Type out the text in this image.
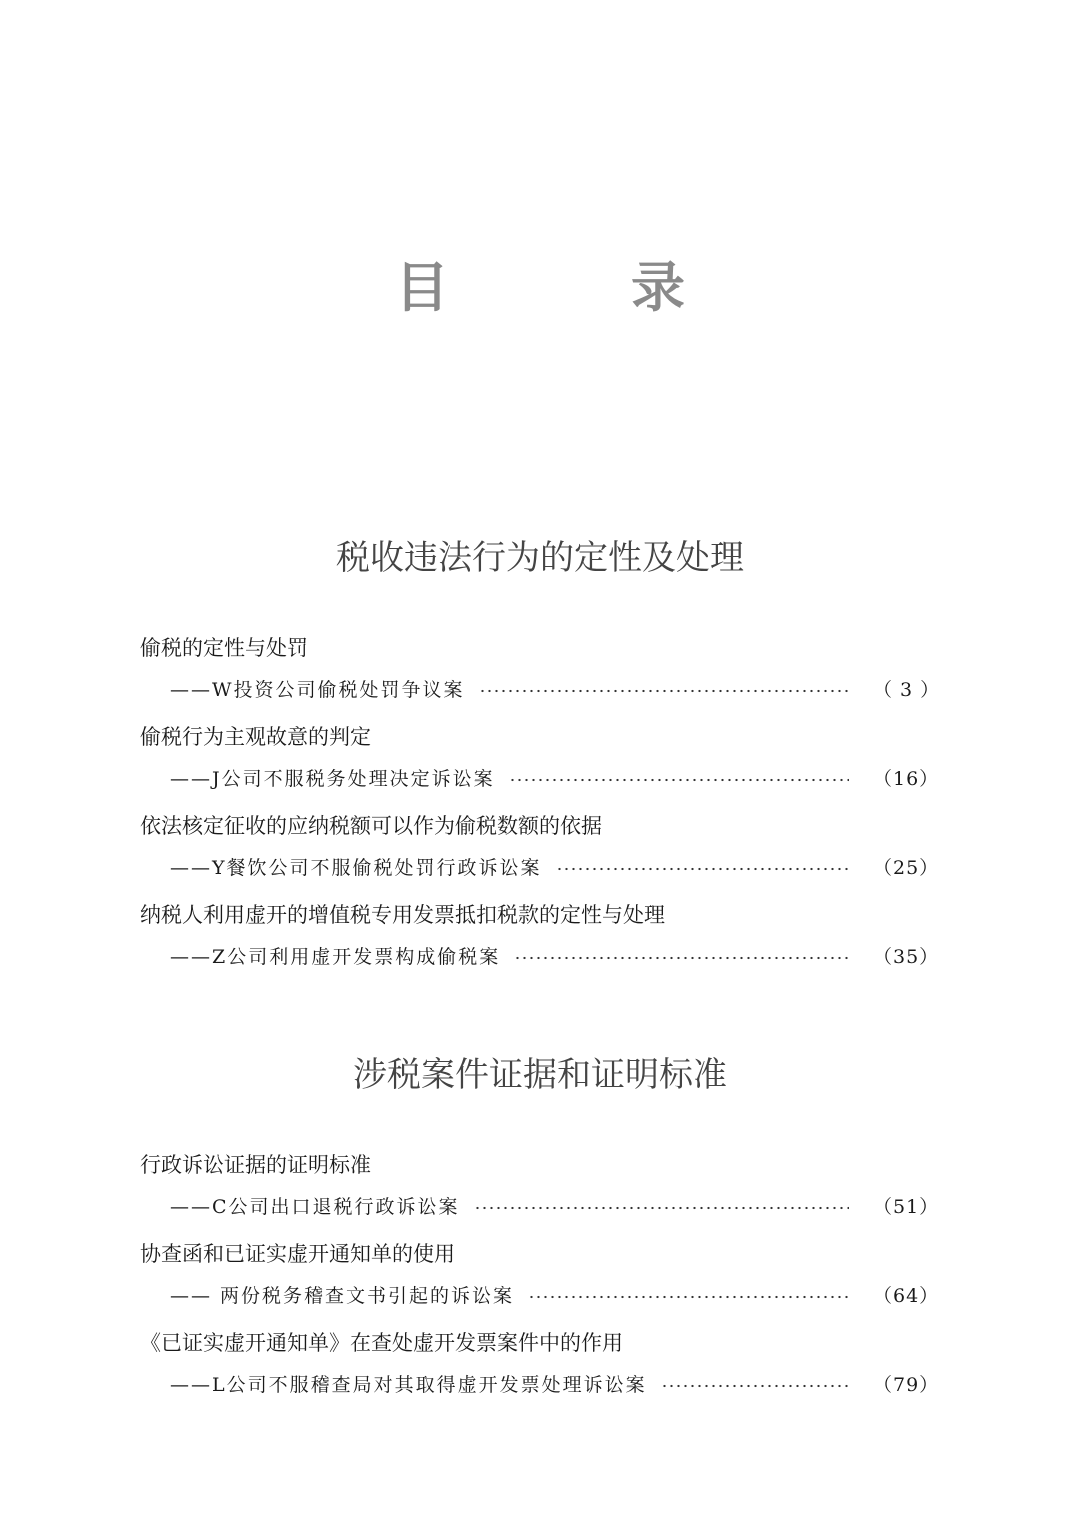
目　录
税收违法行为的定性及处理
偷税的定性与处罚
——W投资公司偷税处罚争议案	（ 3 ）
偷税行为主观故意的判定
——J公司不服税务处理决定诉讼案	（16）
依法核定征收的应纳税额可以作为偷税数额的依据
——Y餐饮公司不服偷税处罚行政诉讼案	（25）
纳税人利用虚开的增值税专用发票抵扣税款的定性与处理
——Z公司利用虚开发票构成偷税案	（35）
涉税案件证据和证明标准
行政诉讼证据的证明标准
——C公司出口退税行政诉讼案	（51）
协查函和已证实虚开通知单的使用
—— 两份税务稽查文书引起的诉讼案	（64）
《已证实虚开通知单》在查处虚开发票案件中的作用
——L公司不服稽查局对其取得虚开发票处理诉讼案	（79）
